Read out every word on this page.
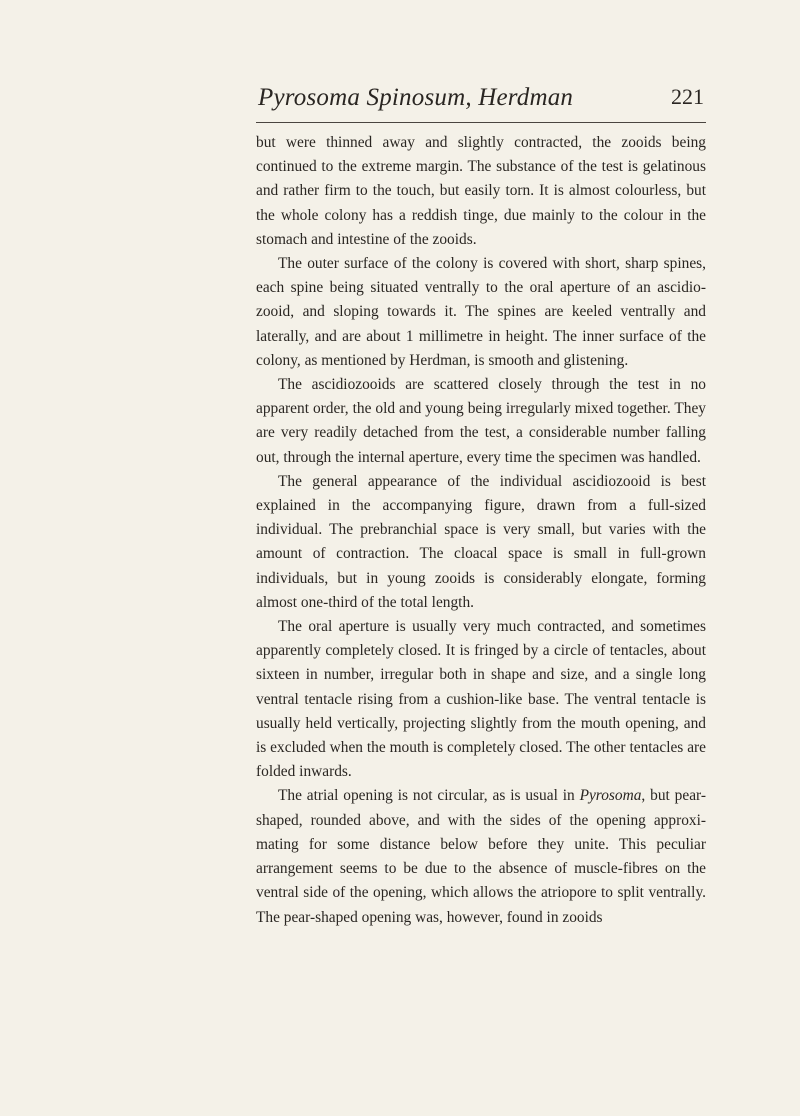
Pyrosoma Spinosum, Herdman	221

but were thinned away and slightly contracted, the zooids being continued to the extreme margin. The substance of the test is gelatinous and rather firm to the touch, but easily torn. It is almost colourless, but the whole colony has a reddish tinge, due mainly to the colour in the stomach and intestine of the zooids.

The outer surface of the colony is covered with short, sharp spines, each spine being situated ventrally to the oral aperture of an ascidio-zooid, and sloping towards it. The spines are keeled ventrally and laterally, and are about 1 millimetre in height. The inner surface of the colony, as mentioned by Herdman, is smooth and glistening.

The ascidiozooids are scattered closely through the test in no apparent order, the old and young being irregularly mixed together. They are very readily detached from the test, a considerable number falling out, through the internal aperture, every time the specimen was handled.

The general appearance of the individual ascidiozooid is best explained in the accompanying figure, drawn from a full-sized individual. The prebranchial space is very small, but varies with the amount of contraction. The cloacal space is small in full-grown individuals, but in young zooids is considerably elongate, forming almost one-third of the total length.

The oral aperture is usually very much contracted, and sometimes apparently completely closed. It is fringed by a circle of tentacles, about sixteen in number, irregular both in shape and size, and a single long ventral tentacle rising from a cushion-like base. The ventral tentacle is usually held vertically, projecting slightly from the mouth opening, and is excluded when the mouth is completely closed. The other tentacles are folded inwards.

The atrial opening is not circular, as is usual in Pyrosoma, but pear-shaped, rounded above, and with the sides of the opening approxi-mating for some distance below before they unite. This peculiar arrangement seems to be due to the absence of muscle-fibres on the ventral side of the opening, which allows the atriopore to split ventrally. The pear-shaped opening was, however, found in zooids
